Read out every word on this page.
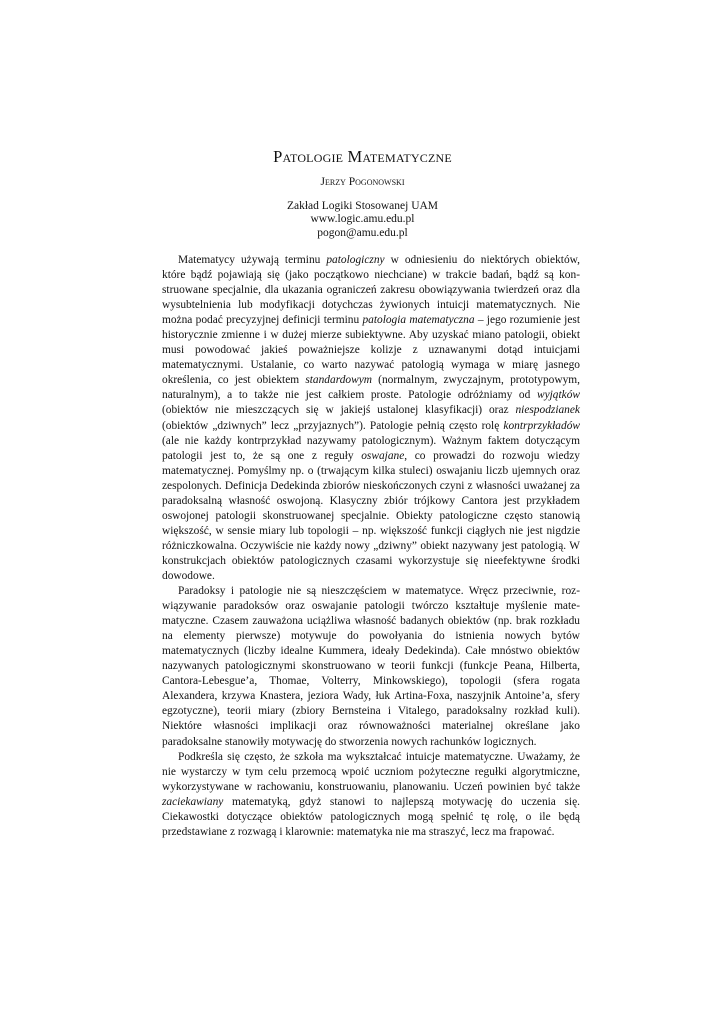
Patologie Matematyczne
Jerzy Pogonowski
Zakład Logiki Stosowanej UAM
www.logic.amu.edu.pl
pogon@amu.edu.pl

Matematycy używają terminu patologiczny w odniesieniu do niektórych obiektów, które bądź pojawiają się (jako początkowo niechciane) w trakcie badań, bądź są konstruowane specjalnie, dla ukazania ograniczeń zakresu obowiązywania twierdzeń oraz dla wysubtelnienia lub modyfikacji dotychczas żywionych intuicji matematycznych. Nie można podać precyzyjnej definicji terminu patologia matematyczna – jego rozumienie jest historycznie zmienne i w dużej mierze subiektywne. Aby uzyskać miano patologii, obiekt musi powodować jakieś poważniejsze kolizje z uznawanymi dotąd intuicjami matematycznymi. Ustalanie, co warto nazywać patologią wymaga w miarę jasnego określenia, co jest obiektem standardowym (normalnym, zwyczajnym, prototypowym, naturalnym), a to także nie jest całkiem proste. Patologie odróżniamy od wyjątków (obiektów nie mieszczących się w jakiejś ustalonej klasyfikacji) oraz niespodzianek (obiektów „dziwnych” lecz „przyjaznych”). Patologie pełnią często rolę kontrprzykładów (ale nie każdy kontrprzykład nazywamy patologicznym). Ważnym faktem dotyczącym patologii jest to, że są one z reguły oswajane, co prowadzi do rozwoju wiedzy matematycznej. Pomyślmy np. o (trwającym kilka stuleci) oswajaniu liczb ujemnych oraz zespolonych. Definicja Dedekinda zbiorów nieskończonych czyni z własności uważanej za paradoksalną własność oswojoną. Klasyczny zbiór trójkowy Cantora jest przykładem oswojonej patologii skonstruowanej specjalnie. Obiekty patologiczne często stanowią większość, w sensie miary lub topologii – np. większość funkcji ciągłych nie jest nigdzie różniczkowalna. Oczywiście nie każdy nowy „dziwny” obiekt nazywany jest patologią. W konstrukcjach obiektów patologicznych czasami wykorzystuje się nieefektywne środki dowodowe.

Paradoksy i patologie nie są nieszczęściem w matematyce. Wręcz przeciwnie, rozwiązywanie paradoksów oraz oswajanie patologii twórczo kształtuje myślenie matematyczne. Czasem zauważona uciążliwa własność badanych obiektów (np. brak rozkładu na elementy pierwsze) motywuje do powołyania do istnienia nowych bytów matematycznych (liczby idealne Kummera, ideały Dedekinda). Całe mnóstwo obiektów nazywanych patologicznymi skonstruowano w teorii funkcji (funkcje Peana, Hilberta, Cantora-Lebesgue’a, Thomae, Volterry, Minkowskiego), topologii (sfera rogata Alexandera, krzywa Knastera, jeziora Wady, łuk Artina-Foxa, naszyjnik Antoine’a, sfery egzotyczne), teorii miary (zbiory Bernsteina i Vitalego, paradoksalny rozkład kuli). Niektóre własności implikacji oraz równoważności materialnej określane jako paradoksalne stanowiły motywację do stworzenia nowych rachunków logicznych.

Podkreśla się często, że szkoła ma wykształcać intuicje matematyczne. Uważamy, że nie wystarczy w tym celu przemocą wpoić uczniom pożyteczne regułki algorytmiczne, wykorzystywane w rachowaniu, konstruowaniu, planowaniu. Uczeń powinien być także zaciekawiany matematyką, gdyż stanowi to najlepszą motywację do uczenia się. Ciekawostki dotyczące obiektów patologicznych mogą spełnić tę rolę, o ile będą przedstawiane z rozwagą i klarownie: matematyka nie ma straszyć, lecz ma frapować.
